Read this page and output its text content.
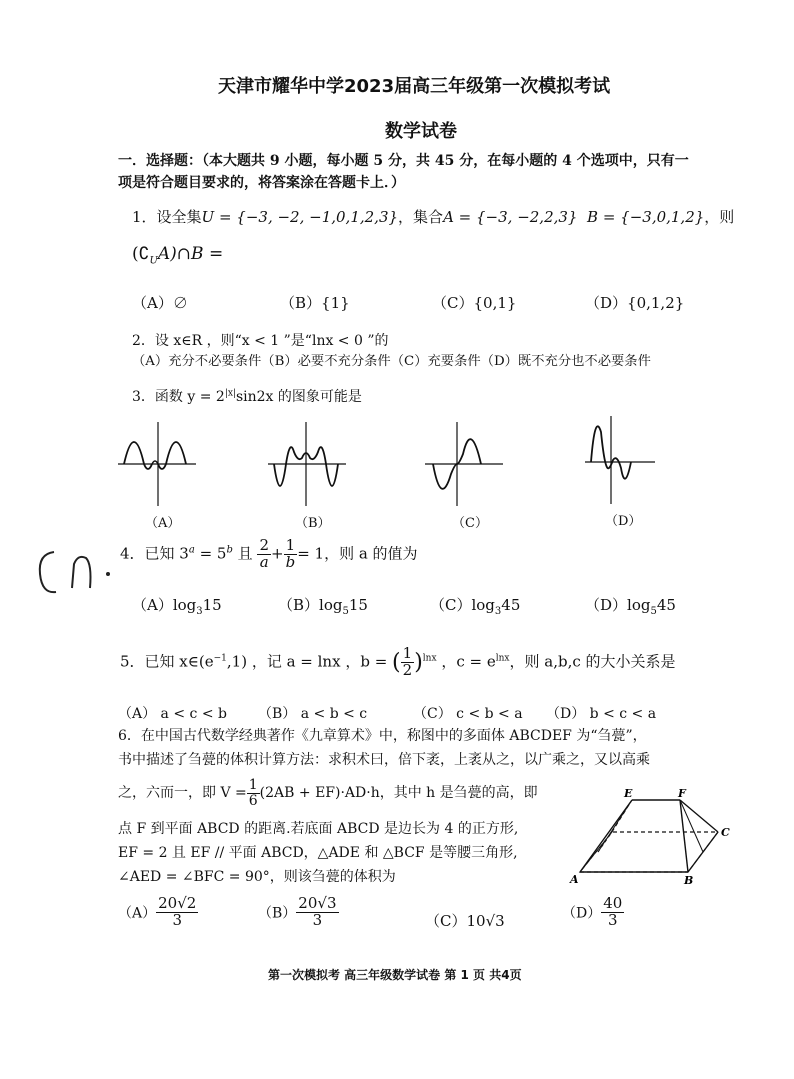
天津市耀华中学2023届高三年级第一次模拟考试
数学试卷
一．选择题：（本大题共 9 小题，每小题 5 分，共 45 分，在每小题的 4 个选项中，只有一
项是符合题目要求的，将答案涂在答题卡上．）
1．设全集U = {−3, −2, −1,0,1,2,3}，集合A = {−3, −2,2,3} B = {−3,0,1,2}，则
$(∁_UA)\cap B$ =
（A）∅	（B）{1}	（C）{0,1}	（D）{0,1,2}
2．设 x∈R ，则“x < 1 ”是“lnx < 0 ”的
（A）充分不必要条件（B）必要不充分条件（C）充要条件（D）既不充分也不必要条件
3．函数 $y = 2^{|x|}\sin 2x$ 的图象可能是
（A）	（B）	（C）	（D）
4．已知 $3^a = 5^b$ 且 $\frac{2}{a} + \frac{1}{b} = 1$，则 a 的值为
$(A)\log_315$	$(B)\log_515$	$(C)\log_345$	$(D)\log_545$
5．已知 $x\in(e^{-1},1)$ ，记 a = lnx ，b = ( $\frac{1}{2} )^{lnx}$ ，$c = e^{lnx}$，则 a,b,c 的大小关系是
（A） a < c < b （B） a < b < c	（C） c < b < a （D） b < c < a
6．在中国古代数学经典著作《九章算术》中，称图中的多面体 ABCDEF 为“刍甍”，
书中描述了刍甍的体积计算方法：求积术曰，倍下袤，上袤从之，以广乘之，又以高乘
之，六而一，即 $V = \frac{1}{6} (2AB + EF)\cdot AD\cdot h$，其中 h 是刍甍的高，即
点 F 到平面 ABCD 的距离.若底面 ABCD 是边长为 4 的正方形,
EF = 2 且 EF // 平面 ABCD，△ADE 和 △BCF 是等腰三角形,
∠AED = ∠BFC = 90°，则该刍甍的体积为
E	F
A	B
C
$(A) \frac{20√2}{3}$	$(B) \frac{20√3}{3}$	（C）10√3	$(D) \frac{40}{3}$
第一次模拟考 高三年级数学试卷 第 1 页 共4页
